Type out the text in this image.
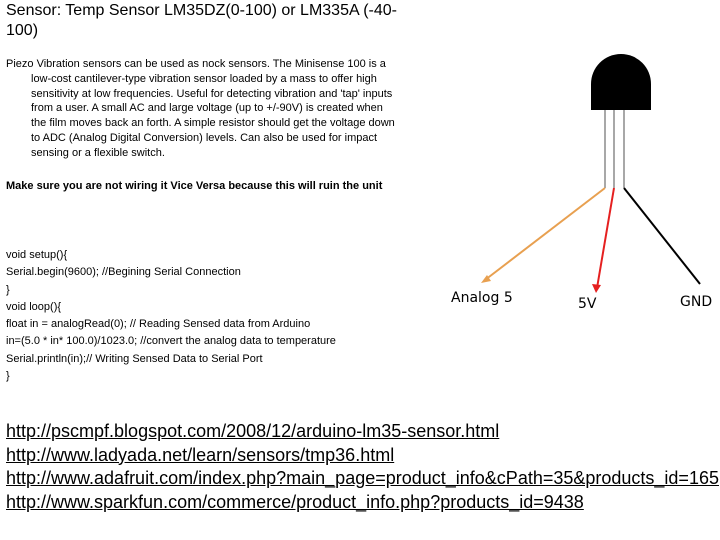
Sensor: Temp Sensor LM35DZ(0-100) or LM335A (-40-100)
Piezo Vibration sensors can be used as nock sensors. The Minisense 100 is a low-cost cantilever-type vibration sensor loaded by a mass to offer high sensitivity at low frequencies. Useful for detecting vibration and 'tap' inputs from a user. A small AC and large voltage (up to +/-90V) is created when the film moves back an forth. A simple resistor should get the voltage down to ADC (Analog Digital Conversion) levels. Can also be used for impact sensing or a flexible switch.
Make sure you are not wiring it Vice Versa because this will ruin the unit
void setup(){
Serial.begin(9600); //Begining Serial Connection
}
void loop(){
float in = analogRead(0); // Reading Sensed data from Arduino
in=(5.0 * in* 100.0)/1023.0; //convert the analog data to temperature
Serial.println(in);// Writing Sensed Data to Serial Port
}
Analog 5	5V	GND
http://pscmpf.blogspot.com/2008/12/arduino-lm35-sensor.html
http://www.ladyada.net/learn/sensors/tmp36.html
http://www.adafruit.com/index.php?main_page=product_info&cPath=35&products_id=165
http://www.sparkfun.com/commerce/product_info.php?products_id=9438
